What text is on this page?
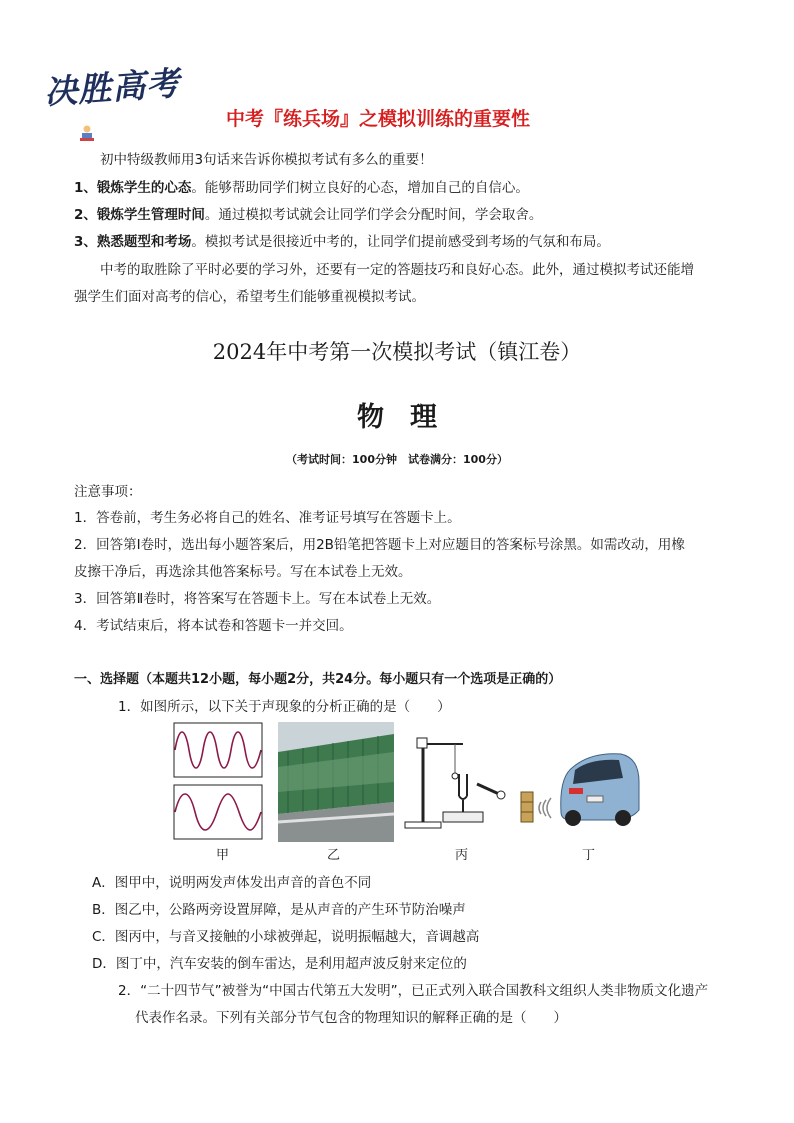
决胜高考
中考『练兵场』之模拟训练的重要性
初中特级教师用3句话来告诉你模拟考试有多么的重要！
1、锻炼学生的心态。能够帮助同学们树立良好的心态，增加自己的自信心。
2、锻炼学生管理时间。通过模拟考试就会让同学们学会分配时间，学会取舍。
3、熟悉题型和考场。模拟考试是很接近中考的，让同学们提前感受到考场的气氛和布局。
中考的取胜除了平时必要的学习外，还要有一定的答题技巧和良好心态。此外，通过模拟考试还能增
强学生们面对高考的信心，希望考生们能够重视模拟考试。
2024年中考第一次模拟考试（镇江卷）
物理
（考试时间：100分钟　试卷满分：100分）
注意事项：
1．答卷前，考生务必将自己的姓名、准考证号填写在答题卡上。
2．回答第Ⅰ卷时，选出每小题答案后，用2B铅笔把答题卡上对应题目的答案标号涂黑。如需改动，用橡
皮擦干净后，再选涂其他答案标号。写在本试卷上无效。
3．回答第Ⅱ卷时，将答案写在答题卡上。写在本试卷上无效。
4．考试结束后，将本试卷和答题卡一并交回。
一、选择题（本题共12小题，每小题2分，共24分。每小题只有一个选项是正确的）
1．如图所示，以下关于声现象的分析正确的是（　　）
甲	乙	丙	丁
A．图甲中，说明两发声体发出声音的音色不同
B．图乙中，公路两旁设置屏障，是从声音的产生环节防治噪声
C．图丙中，与音叉接触的小球被弹起，说明振幅越大，音调越高
D．图丁中，汽车安装的倒车雷达，是利用超声波反射来定位的
2．“二十四节气”被誉为“中国古代第五大发明”，已正式列入联合国教科文组织人类非物质文化遗产
代表作名录。下列有关部分节气包含的物理知识的解释正确的是（　　）
